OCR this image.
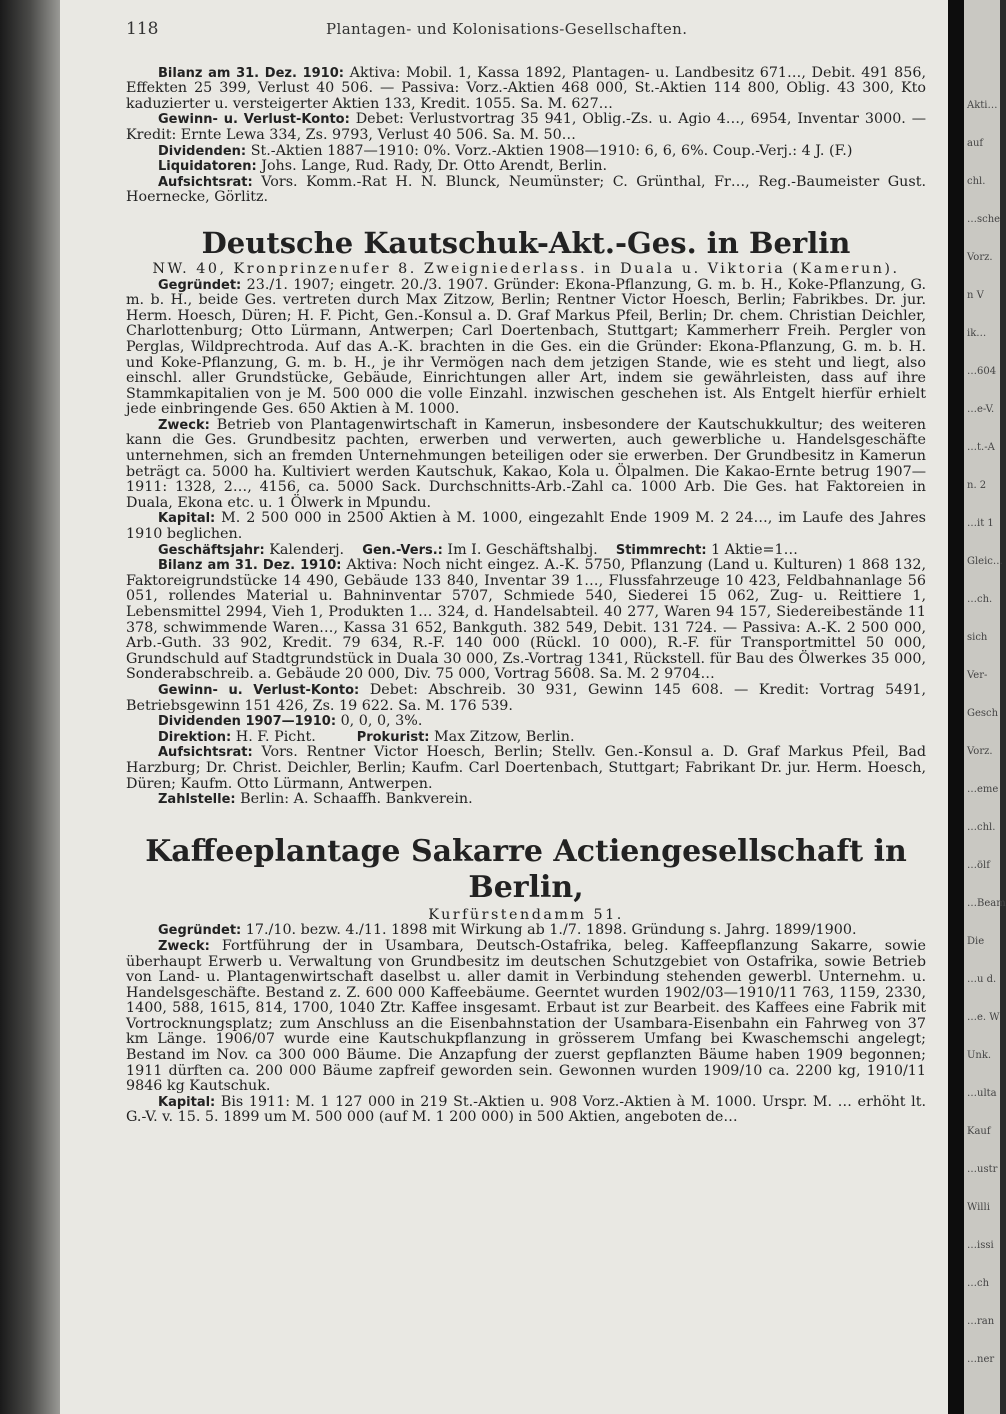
Akti…
auf
chl.
…sche
Vorz.
n V
ik…
…604
…e-V.
…t.-A
n. 2
…it 1
Gleic…
…ch.
sich
Ver-
Gesch
Vorz.
…eme
…chl.
…ölf
…Beam
Die
…u d.
…e. W
Unk.
…ulta
Kauf
…ustr
Willi
…issi
…ch
…ran
…ner
118	Plantagen- und Kolonisations-Gesellschaften.

Bilanz am 31. Dez. 1910: Aktiva: Mobil. 1, Kassa 1892, Plantagen- u. Landbesitz 671…, Debit. 491 856, Effekten 25 399, Verlust 40 506. — Passiva: Vorz.-Aktien 468 000, St.-Aktien 114 800, Oblig. 43 300, Kto kaduzierter u. versteigerter Aktien 133, Kredit. 1055. Sa. M. 627…

Gewinn- u. Verlust-Konto: Debet: Verlustvortrag 35 941, Oblig.-Zs. u. Agio 4…, 6954, Inventar 3000. — Kredit: Ernte Lewa 334, Zs. 9793, Verlust 40 506. Sa. M. 50…

Dividenden: St.-Aktien 1887—1910: 0%. Vorz.-Aktien 1908—1910: 6, 6, 6%. Coup.-Verj.: 4 J. (F.)

Liquidatoren: Johs. Lange, Rud. Rady, Dr. Otto Arendt, Berlin.

Aufsichtsrat: Vors. Komm.-Rat H. N. Blunck, Neumünster; C. Grünthal, Fr…, Reg.-Baumeister Gust. Hoernecke, Görlitz.

Deutsche Kautschuk-Akt.-Ges. in Berlin
NW. 40, Kronprinzenufer 8. Zweigniederlass. in Duala u. Viktoria (Kamerun).

Gegründet: 23./1. 1907; eingetr. 20./3. 1907. Gründer: Ekona-Pflanzung, G. m. b. H., Koke-Pflanzung, G. m. b. H., beide Ges. vertreten durch Max Zitzow, Berlin; Rentner Victor Hoesch, Berlin; Fabrikbes. Dr. jur. Herm. Hoesch, Düren; H. F. Picht, Gen.-Konsul a. D. Graf Markus Pfeil, Berlin; Dr. chem. Christian Deichler, Charlottenburg; Otto Lürmann, Antwerpen; Carl Doertenbach, Stuttgart; Kammerherr Freih. Pergler von Perglas, Wildprechtroda. Auf das A.-K. brachten in die Ges. ein die Gründer: Ekona-Pflanzung, G. m. b. H. und Koke-Pflanzung, G. m. b. H., je ihr Vermögen nach dem jetzigen Stande, wie es steht und liegt, also einschl. aller Grundstücke, Gebäude, Einrichtungen aller Art, indem sie gewährleisten, dass auf ihre Stammkapitalien von je M. 500 000 die volle Einzahl. inzwischen geschehen ist. Als Entgelt hierfür erhielt jede einbringende Ges. 650 Aktien à M. 1000.

Zweck: Betrieb von Plantagenwirtschaft in Kamerun, insbesondere der Kautschukkultur; des weiteren kann die Ges. Grundbesitz pachten, erwerben und verwerten, auch gewerbliche u. Handelsgeschäfte unternehmen, sich an fremden Unternehmungen beteiligen oder sie erwerben. Der Grundbesitz in Kamerun beträgt ca. 5000 ha. Kultiviert werden Kautschuk, Kakao, Kola u. Ölpalmen. Die Kakao-Ernte betrug 1907—1911: 1328, 2…, 4156, ca. 5000 Sack. Durchschnitts-Arb.-Zahl ca. 1000 Arb. Die Ges. hat Faktoreien in Duala, Ekona etc. u. 1 Ölwerk in Mpundu.

Kapital: M. 2 500 000 in 2500 Aktien à M. 1000, eingezahlt Ende 1909 M. 2 24…, im Laufe des Jahres 1910 beglichen.

Geschäftsjahr: Kalenderj. Gen.-Vers.: Im I. Geschäftshalbj. Stimmrecht: 1 Aktie=1…

Bilanz am 31. Dez. 1910: Aktiva: Noch nicht eingez. A.-K. 5750, Pflanzung (Land u. Kulturen) 1 868 132, Faktoreigrundstücke 14 490, Gebäude 133 840, Inventar 39 1…, Flussfahrzeuge 10 423, Feldbahnanlage 56 051, rollendes Material u. Bahninventar 5707, Schmiede 540, Siederei 15 062, Zug- u. Reittiere 1, Lebensmittel 2994, Vieh 1, Produkten 1… 324, d. Handelsabteil. 40 277, Waren 94 157, Siedereibestände 11 378, schwimmende Waren…, Kassa 31 652, Bankguth. 382 549, Debit. 131 724. — Passiva: A.-K. 2 500 000, Arb.-Guth. 33 902, Kredit. 79 634, R.-F. 140 000 (Rückl. 10 000), R.-F. für Transportmittel 50 000, Grundschuld auf Stadtgrundstück in Duala 30 000, Zs.-Vortrag 1341, Rückstell. für Bau des Ölwerkes 35 000, Sonderabschreib. a. Gebäude 20 000, Div. 75 000, Vortrag 5608. Sa. M. 2 9704…

Gewinn- u. Verlust-Konto: Debet: Abschreib. 30 931, Gewinn 145 608. — Kredit: Vortrag 5491, Betriebsgewinn 151 426, Zs. 19 622. Sa. M. 176 539.

Dividenden 1907—1910: 0, 0, 0, 3%.

Direktion: H. F. Picht.	Prokurist: Max Zitzow, Berlin.

Aufsichtsrat: Vors. Rentner Victor Hoesch, Berlin; Stellv. Gen.-Konsul a. D. Graf Markus Pfeil, Bad Harzburg; Dr. Christ. Deichler, Berlin; Kaufm. Carl Doertenbach, Stuttgart; Fabrikant Dr. jur. Herm. Hoesch, Düren; Kaufm. Otto Lürmann, Antwerpen.

Zahlstelle: Berlin: A. Schaaffh. Bankverein.

Kaffeeplantage Sakarre Actiengesellschaft in Berlin,
Kurfürstendamm 51.

Gegründet: 17./10. bezw. 4./11. 1898 mit Wirkung ab 1./7. 1898. Gründung s. Jahrg. 1899/1900.

Zweck: Fortführung der in Usambara, Deutsch-Ostafrika, beleg. Kaffeepflanzung Sakarre, sowie überhaupt Erwerb u. Verwaltung von Grundbesitz im deutschen Schutzgebiet von Ostafrika, sowie Betrieb von Land- u. Plantagenwirtschaft daselbst u. aller damit in Verbindung stehenden gewerbl. Unternehm. u. Handelsgeschäfte. Bestand z. Z. 600 000 Kaffeebäume. Geerntet wurden 1902/03—1910/11 763, 1159, 2330, 1400, 588, 1615, 814, 1700, 1040 Ztr. Kaffee insgesamt. Erbaut ist zur Bearbeit. des Kaffees eine Fabrik mit Vortrocknungsplatz; zum Anschluss an die Eisenbahnstation der Usambara-Eisenbahn ein Fahrweg von 37 km Länge. 1906/07 wurde eine Kautschukpflanzung in grösserem Umfang bei Kwaschemschi angelegt; Bestand im Nov. ca 300 000 Bäume. Die Anzapfung der zuerst gepflanzten Bäume haben 1909 begonnen; 1911 dürften ca. 200 000 Bäume zapfreif geworden sein. Gewonnen wurden 1909/10 ca. 2200 kg, 1910/11 9846 kg Kautschuk.

Kapital: Bis 1911: M. 1 127 000 in 219 St.-Aktien u. 908 Vorz.-Aktien à M. 1000. Urspr. M. … erhöht lt. G.-V. v. 15. 5. 1899 um M. 500 000 (auf M. 1 200 000) in 500 Aktien, angeboten de…
